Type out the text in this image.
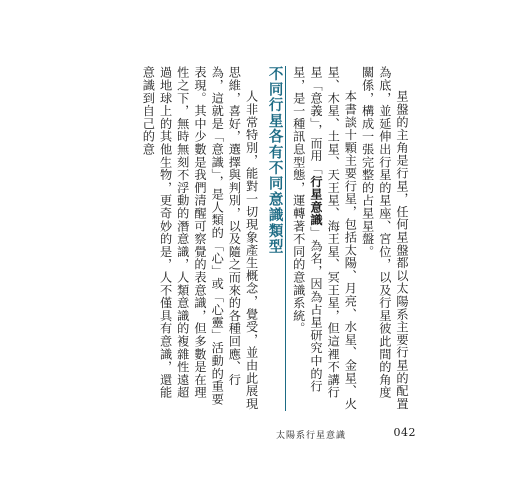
星盤的主角是行星，任何星盤都以太陽系主要行星的配置為底，並延伸出行星的星座、宮位，以及行星彼此間的角度關係，構成一張完整的占星星盤。

本書談十顆主要行星，包括太陽、月亮、水星、金星、火星、木星、土星、天王星、海王星、冥王星，但這裡不講行星「意義」，而用「行星意識」為名，因為占星研究中的行星，是一種訊息型態，運轉著不同的意識系統。

不同行星各有不同意識類型

人非常特別，能對一切現象產生概念，覺受，並由此展現思維，喜好，選擇與判別，以及隨之而來的各種回應、行為，這就是「意識」，是人類的「心」或「心靈」活動的重要表現。其中少數是我們清醒可察覺的表意識，但多數是在理性之下，無時無刻不浮動的潛意識，人類意識的複雜性遠超過地球上的其他生物，更奇妙的是，人不僅具有意識，還能意識到自己的意

太陽系行星意識	042
